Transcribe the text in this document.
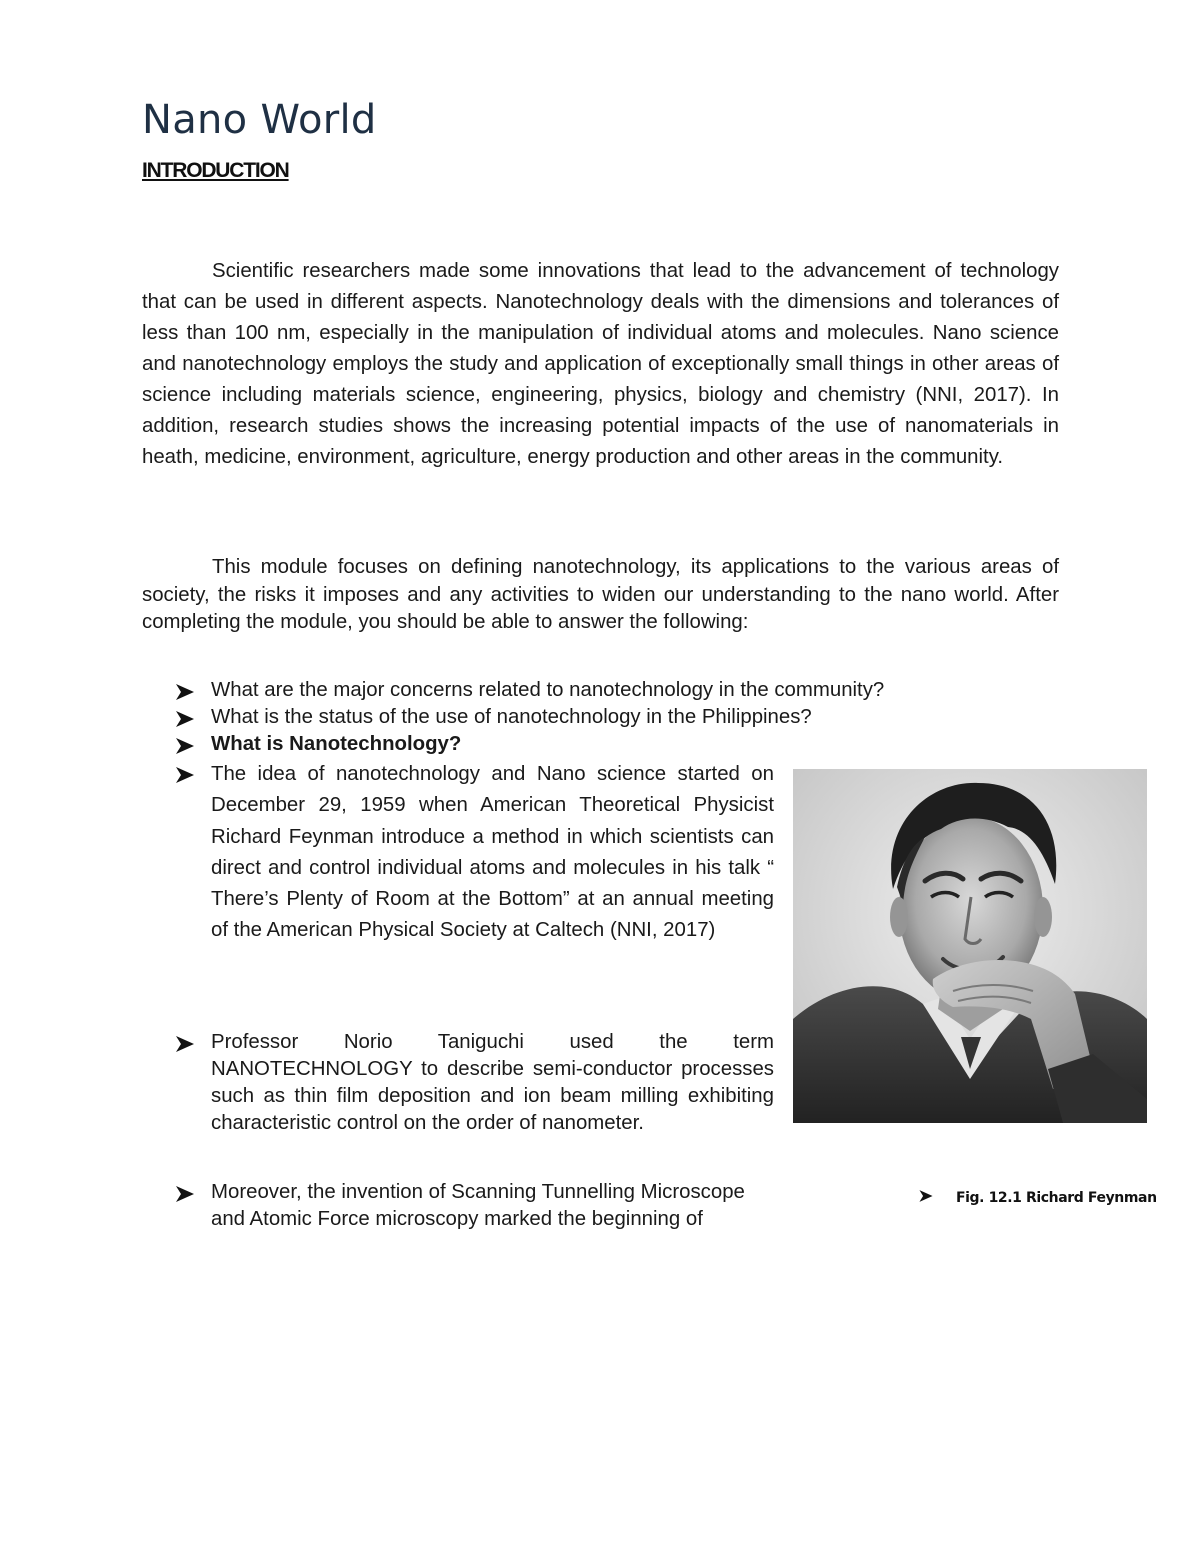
Nano World
INTRODUCTION

Scientific researchers made some innovations that lead to the advancement of technology that can be used in different aspects. Nanotechnology deals with the dimensions and tolerances of less than 100 nm, especially in the manipulation of individual atoms and molecules. Nano science and nanotechnology employs the study and application of exceptionally small things in other areas of science including materials science, engineering, physics, biology and chemistry (NNI, 2017). In addition, research studies shows the increasing potential impacts of the use of nanomaterials in heath, medicine, environment, agriculture, energy production and other areas in the community.

This module focuses on defining nanotechnology, its applications to the various areas of society, the risks it imposes and any activities to widen our understanding to the nano world. After completing the module, you should be able to answer the following:

What are the major concerns related to nanotechnology in the community?

What is the status of the use of nanotechnology in the Philippines?

What is Nanotechnology?

The idea of nanotechnology and Nano science started on December 29, 1959 when American Theoretical Physicist Richard Feynman introduce a method in which scientists can direct and control individual atoms and molecules in his talk “ There’s Plenty of Room at the Bottom” at an annual meeting of the American Physical Society at Caltech (NNI, 2017)

Professor Norio Taniguchi used the term NANOTECHNOLOGY to describe semi-conductor processes such as thin film deposition and ion beam milling exhibiting characteristic control on the order of nanometer.

Moreover, the invention of Scanning Tunnelling Microscope and Atomic Force microscopy marked the beginning of

Fig. 12.1 Richard Feynman
